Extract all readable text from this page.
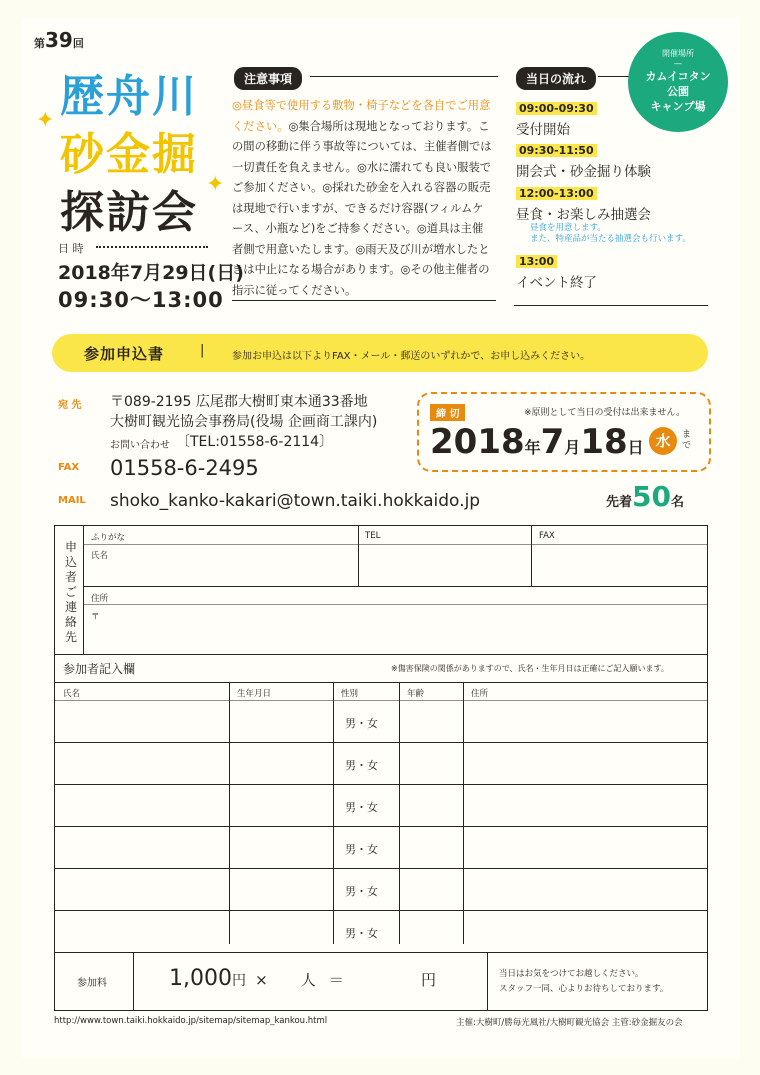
第39回
歴舟川
砂金掘
探訪会
✦
✦
日 時
2018年7月29日(日)
09:30〜13:00
注意事項
◎昼食等で使用する敷物・椅子などを各自でご用意ください。◎集合場所は現地となっております。この間の移動に伴う事故等については、主催者側では一切責任を負えません。◎水に濡れても良い服装でご参加ください。◎採れた砂金を入れる容器の販売は現地で行いますが、できるだけ容器(フィルムケース、小瓶など)をご持参ください。◎道具は主催者側で用意いたします。◎雨天及び川が増水したときは中止になる場合があります。◎その他主催者の指示に従ってください。
当日の流れ
09:00-09:30
受付開始
09:30-11:50
開会式・砂金掘り体験
12:00-13:00
昼食・お楽しみ抽選会
昼食を用意します。
また、特産品が当たる抽選会も行います。
13:00
イベント終了
開催場所
—
カムイコタン
公園
キャンプ場
参加申込書	|	参加お申込は以下よりFAX・メール・郵送のいずれかで、お申し込みください。
宛 先 〒089-2195 広尾郡大樹町東本通33番地
大樹町観光協会事務局(役場 企画商工課内)
お問い合わせ 〔TEL:01558-6-2114〕
FAX 01558-6-2495
MAIL shoko_kanko-kakari@town.taiki.hokkaido.jp
締 切	※原則として当日の受付は出来ません。
2018年7月18日 水	ま
で
先着50名
申込者ご連絡先
ふりがな
氏名
TEL	FAX
住所
〒
参加者記入欄	※傷害保険の関係がありますので、氏名・生年月日は正確にご記入願います。
氏名	生年月日	性別	年齢	住所
男・女
男・女
男・女
男・女
男・女
男・女
参加料	1,000円 × 人 ＝	円	当日はお気をつけてお越しください。
スタッフ一同、心よりお待ちしております。
http://www.town.taiki.hokkaido.jp/sitemap/sitemap_kankou.html	主催:大樹町/勝毎光風社/大樹町観光協会 主管:砂金掘友の会
